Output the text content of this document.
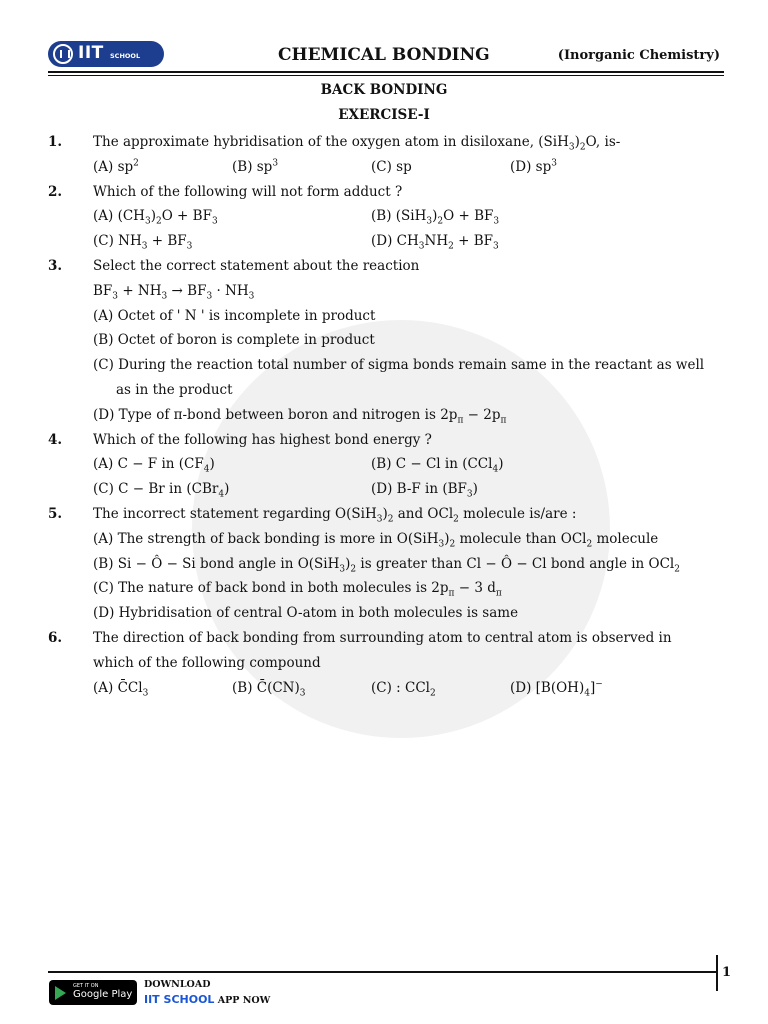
IIT SCHOOL	CHEMICAL BONDING	(Inorganic Chemistry)
BACK BONDING
EXERCISE-I
1. The approximate hybridisation of the oxygen atom in disiloxane, $(SiH_3)_2O$, is-
(A) $sp^2$	(B) $sp^3$	(C) sp	(D) $sp^3$
2. Which of the following will not form adduct ?
(A) $(CH_3)_2O + BF_3$	(B) $(SiH_3)_2O + BF_3$
(C) $NH_3 + BF_3$	(D) $CH_3NH_2 + BF_3$
3. Select the correct statement about the reaction
$BF_3 + NH_3 \to BF_3 \cdot NH_3$
(A) Octet of ' N ' is incomplete in product
(B) Octet of boron is complete in product
(C) During the reaction total number of sigma bonds remain same in the reactant as well as in the product
(D) Type of π-bond between boron and nitrogen is $2p_\pi - 2p_\pi$
4. Which of the following has highest bond energy ?
(A) C − F in $(CF_4)$	(B) C − Cl in (CCl$_4$)
(C) C − Br in (CBr$_4$)	(D) B-F in $(BF_3)$
5. The incorrect statement regarding $O(SiH_3)_2$ and OCl$_2$ molecule is/are :
(A) The strength of back bonding is more in $O(SiH_3)_2$ molecule than OCl$_2$ molecule
(B) Si − Ô − Si bond angle in $O(SiH_3)_2$ is greater than Cl − Ô − Cl bond angle in OCl$_2$
(C) The nature of back bond in both molecules is $2p_\pi - 3$ $d_\pi$
(D) Hybridisation of central O-atom in both molecules is same
6. The direction of back bonding from surrounding atom to central atom is observed in which of the following compound
(A) $C̄Cl_3$	(B) $C̄(CN)_3$	(C) : CCl$_2$	(D) $[B(OH)_4]^-$
1
GET IT ON
Google Play
DOWNLOAD
IIT SCHOOL APP NOW
